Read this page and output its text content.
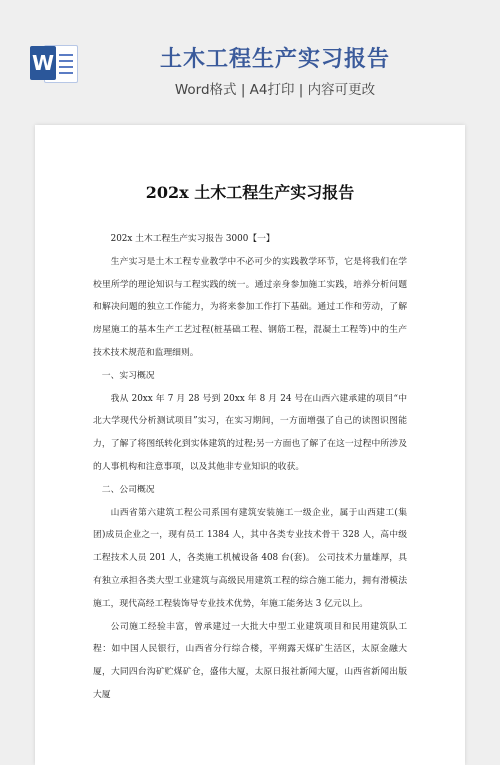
W	土木工程生产实习报告
Word格式 | A4打印 | 内容可更改
202x 土木工程生产实习报告

202x 土木工程生产实习报告 3000【一】

生产实习是土木工程专业教学中不必可少的实践教学环节，它是将我们在学校里所学的理论知识与工程实践的统一。通过亲身参加施工实践，培养分析问题和解决问题的独立工作能力，为将来参加工作打下基础。通过工作和劳动，了解房屋施工的基本生产工艺过程(桩基础工程、钢筋工程，混凝土工程等)中的生产技术技术规范和监理细则。

一、实习概况

我从 20xx 年 7 月 28 号到 20xx 年 8 月 24 号在山西六建承建的项目“中北大学现代分析测试项目”实习，在实习期间，一方面增强了自己的读图识图能力，了解了将图纸转化到实体建筑的过程;另一方面也了解了在这一过程中所涉及的人事机构和注意事项，以及其他非专业知识的收获。

二、公司概况

山西省第六建筑工程公司系国有建筑安装施工一级企业，属于山西建工(集团)成员企业之一，现有员工 1384 人，其中各类专业技术骨干 328 人，高中级工程技术人员 201 人，各类施工机械设备 408 台(套)。 公司技术力量雄厚，具有独立承担各类大型工业建筑与高级民用建筑工程的综合施工能力，拥有滑模法施工，现代高经工程装饰导专业技术优势，年施工能务达 3 亿元以上。

公司施工经验丰富，曾承建过一大批大中型工业建筑项目和民用建筑队工程：如中国人民银行，山西省分行综合楼，平朔露天煤矿生活区，太原金融大厦，大同四台沟矿贮煤矿仓，盛伟大厦，太原日报社新闻大厦，山西省新闻出版大厦
